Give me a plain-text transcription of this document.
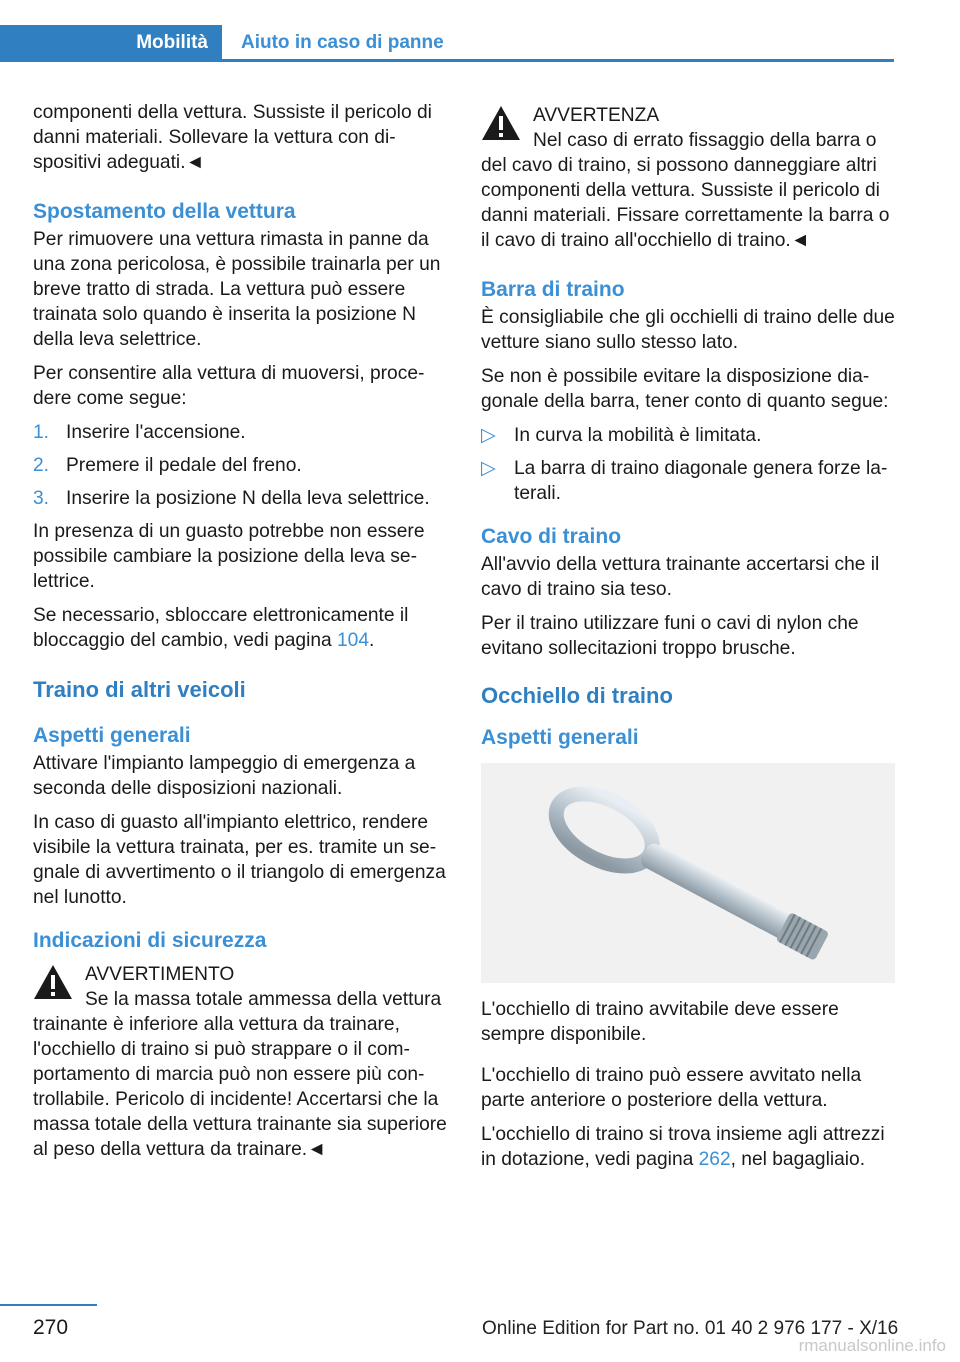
Mobilità	Aiuto in caso di panne

componenti della vettura. Sussiste il pericolo di danni materiali. Sollevare la vettura con dispositivi adeguati.◄

Spostamento della vettura

Per rimuovere una vettura rimasta in panne da una zona pericolosa, è possibile trainarla per un breve tratto di strada. La vettura può essere trainata solo quando è inserita la posizione N della leva selettrice.

Per consentire alla vettura di muoversi, procedere come segue:

1. Inserire l'accensione.
2. Premere il pedale del freno.
3. Inserire la posizione N della leva selettrice.

In presenza di un guasto potrebbe non essere possibile cambiare la posizione della leva selettrice.

Se necessario, sbloccare elettronicamente il bloccaggio del cambio, vedi pagina 104.

Traino di altri veicoli
Aspetti generali

Attivare l'impianto lampeggio di emergenza a seconda delle disposizioni nazionali.

In caso di guasto all'impianto elettrico, rendere visibile la vettura trainata, per es. tramite un segnale di avvertimento o il triangolo di emergenza nel lunotto.

Indicazioni di sicurezza
AVVERTIMENTO
Se la massa totale ammessa della vettura trainante è inferiore alla vettura da trainare, l'occhiello di traino si può strappare o il comportamento di marcia può non essere più controllabile. Pericolo di incidente! Accertarsi che la massa totale della vettura trainante sia superiore al peso della vettura da trainare.◄
AVVERTENZA
Nel caso di errato fissaggio della barra o del cavo di traino, si possono danneggiare altri componenti della vettura. Sussiste il pericolo di danni materiali. Fissare correttamente la barra o il cavo di traino all'occhiello di traino.◄
Barra di traino

È consigliabile che gli occhielli di traino delle due vetture siano sullo stesso lato.

Se non è possibile evitare la disposizione diagonale della barra, tener conto di quanto segue:

▷ In curva la mobilità è limitata.
▷ La barra di traino diagonale genera forze laterali.
Cavo di traino

All'avvio della vettura trainante accertarsi che il cavo di traino sia teso.

Per il traino utilizzare funi o cavi di nylon che evitano sollecitazioni troppo brusche.

Occhiello di traino
Aspetti generali

L'occhiello di traino avvitabile deve essere sempre disponibile.

L'occhiello di traino può essere avvitato nella parte anteriore o posteriore della vettura.

L'occhiello di traino si trova insieme agli attrezzi in dotazione, vedi pagina 262, nel bagagliaio.

270	Online Edition for Part no. 01 40 2 976 177 - X/16
rmanualsonline.info
